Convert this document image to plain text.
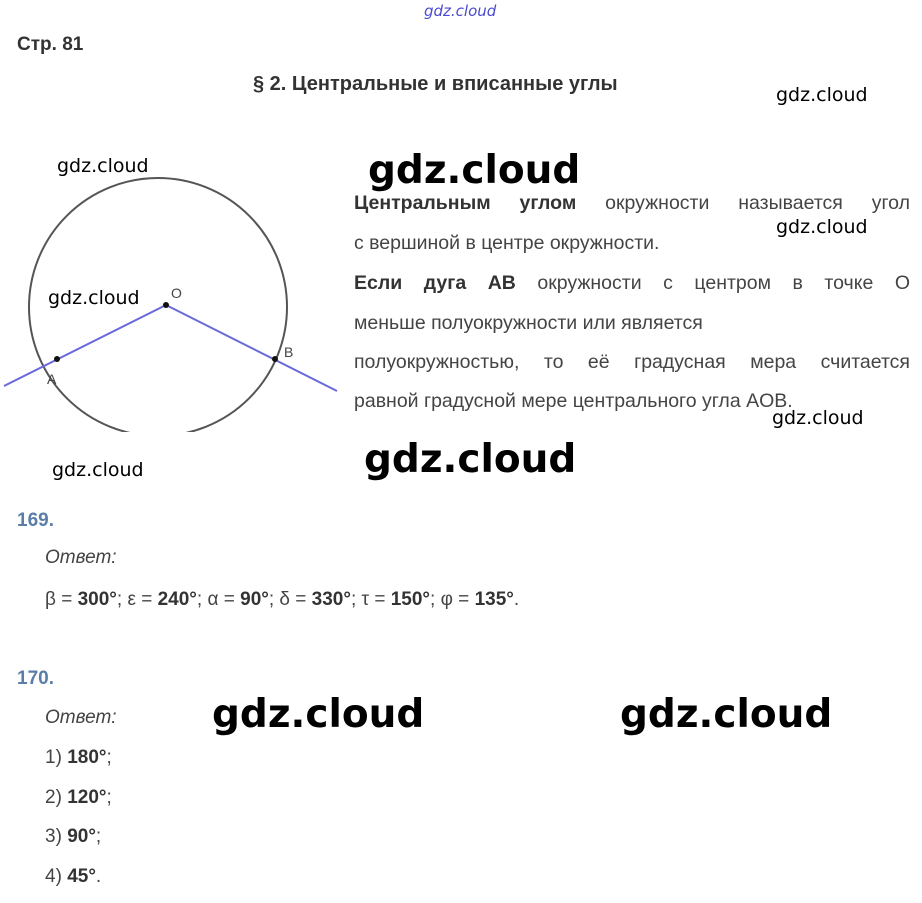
gdz.cloud
gdz.cloud
gdz.cloud	gdz.cloud
gdz.cloud
gdz.cloud
gdz.cloud
gdz.cloud	gdz.cloud
gdz.cloud	gdz.cloud
Стр. 81
§ 2. Центральные и вписанные углы
O
A
B
Центральным углом окружности называется угол
с вершиной в центре окружности.
Если дуга AB окружности с центром в точке O
меньше полуокружности или является
полуокружностью, то её градусная мера считается
равной градусной мере центрального угла AOB.
169.
Ответ:
β = 300°; ε = 240°; α = 90°; δ = 330°; τ = 150°; φ = 135°.
170.
Ответ:
1) 180°;
2) 120°;
3) 90°;
4) 45°.
